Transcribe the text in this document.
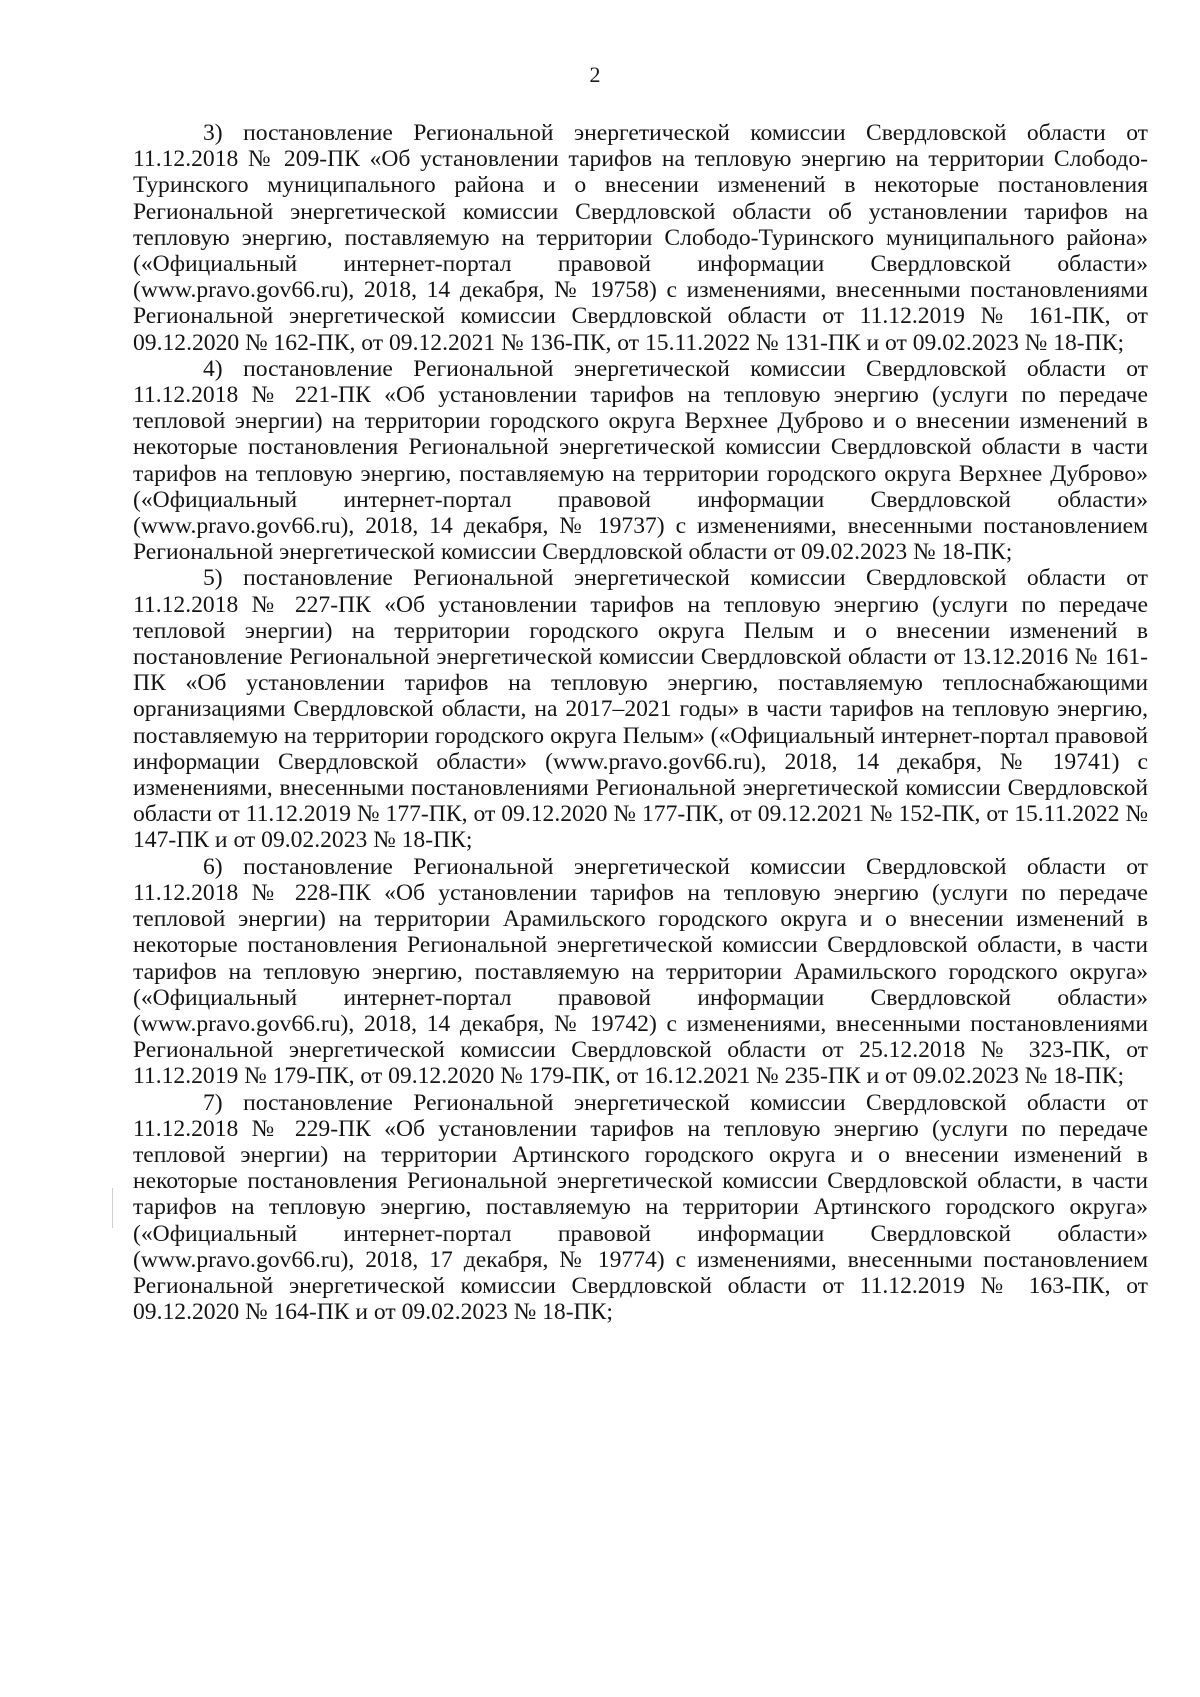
2

3) постановление Региональной энергетической комиссии Свердловской области от 11.12.2018 № 209-ПК «Об установлении тарифов на тепловую энергию на территории Слободо-Туринского муниципального района и о внесении изменений в некоторые постановления Региональной энергетической комиссии Свердловской области об установлении тарифов на тепловую энергию, поставляемую на территории Слободо-Туринского муниципального района» («Официальный интернет-портал правовой информации Свердловской области» (www.pravo.gov66.ru), 2018, 14 декабря, № 19758) с изменениями, внесенными постановлениями Региональной энергетической комиссии Свердловской области от 11.12.2019 № 161-ПК, от 09.12.2020 № 162-ПК, от 09.12.2021 № 136-ПК, от 15.11.2022 № 131-ПК и от 09.02.2023 № 18-ПК;

4) постановление Региональной энергетической комиссии Свердловской области от 11.12.2018 № 221-ПК «Об установлении тарифов на тепловую энергию (услуги по передаче тепловой энергии) на территории городского округа Верхнее Дуброво и о внесении изменений в некоторые постановления Региональной энергетической комиссии Свердловской области в части тарифов на тепловую энергию, поставляемую на территории городского округа Верхнее Дуброво» («Официальный интернет-портал правовой информации Свердловской области» (www.pravo.gov66.ru), 2018, 14 декабря, № 19737) с изменениями, внесенными постановлением Региональной энергетической комиссии Свердловской области от 09.02.2023 № 18-ПК;

5) постановление Региональной энергетической комиссии Свердловской области от 11.12.2018 № 227-ПК «Об установлении тарифов на тепловую энергию (услуги по передаче тепловой энергии) на территории городского округа Пелым и о внесении изменений в постановление Региональной энергетической комиссии Свердловской области от 13.12.2016 № 161-ПК «Об установлении тарифов на тепловую энергию, поставляемую теплоснабжающими организациями Свердловской области, на 2017–2021 годы» в части тарифов на тепловую энергию, поставляемую на территории городского округа Пелым» («Официальный интернет-портал правовой информации Свердловской области» (www.pravo.gov66.ru), 2018, 14 декабря, № 19741) с изменениями, внесенными постановлениями Региональной энергетической комиссии Свердловской области от 11.12.2019 № 177-ПК, от 09.12.2020 № 177-ПК, от 09.12.2021 № 152-ПК, от 15.11.2022 № 147-ПК и от 09.02.2023 № 18-ПК;

6) постановление Региональной энергетической комиссии Свердловской области от 11.12.2018 № 228-ПК «Об установлении тарифов на тепловую энергию (услуги по передаче тепловой энергии) на территории Арамильского городского округа и о внесении изменений в некоторые постановления Региональной энергетической комиссии Свердловской области, в части тарифов на тепловую энергию, поставляемую на территории Арамильского городского округа» («Официальный интернет-портал правовой информации Свердловской области» (www.pravo.gov66.ru), 2018, 14 декабря, № 19742) с изменениями, внесенными постановлениями Региональной энергетической комиссии Свердловской области от 25.12.2018 № 323-ПК, от 11.12.2019 № 179-ПК, от 09.12.2020 № 179-ПК, от 16.12.2021 № 235-ПК и от 09.02.2023 № 18-ПК;

7) постановление Региональной энергетической комиссии Свердловской области от 11.12.2018 № 229-ПК «Об установлении тарифов на тепловую энергию (услуги по передаче тепловой энергии) на территории Артинского городского округа и о внесении изменений в некоторые постановления Региональной энергетической комиссии Свердловской области, в части тарифов на тепловую энергию, поставляемую на территории Артинского городского округа» («Официальный интернет-портал правовой информации Свердловской области» (www.pravo.gov66.ru), 2018, 17 декабря, № 19774) с изменениями, внесенными постановлением Региональной энергетической комиссии Свердловской области от 11.12.2019 № 163-ПК, от 09.12.2020 № 164-ПК и от 09.02.2023 № 18-ПК;
